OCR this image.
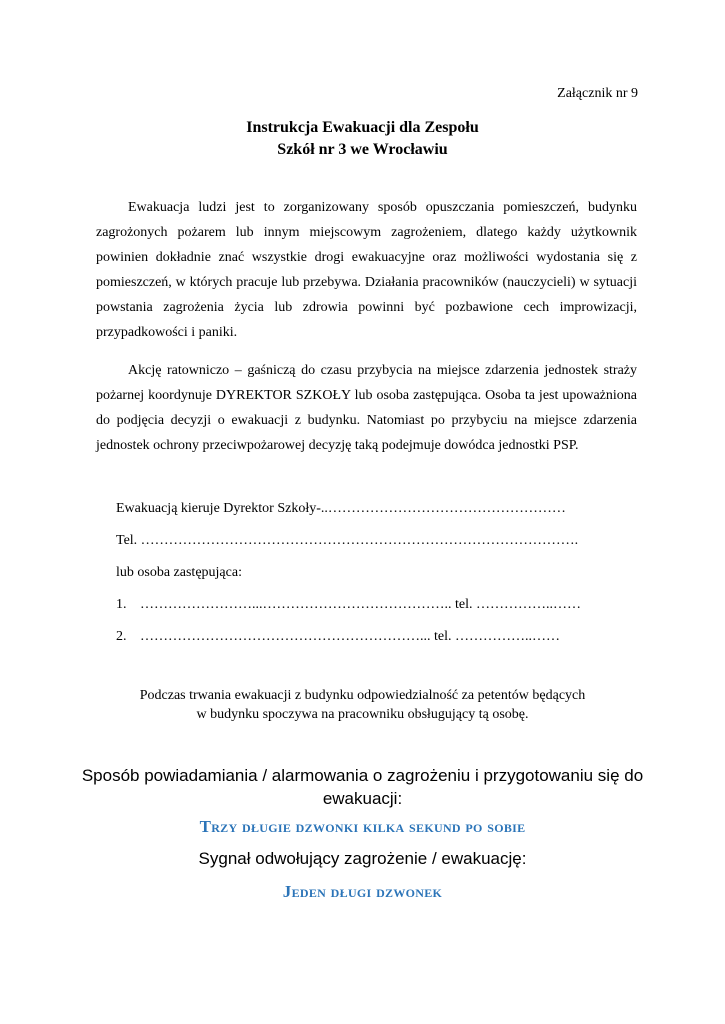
Załącznik nr 9
Instrukcja Ewakuacji dla Zespołu
Szkół nr 3 we Wrocławiu
Ewakuacja ludzi jest to zorganizowany sposób opuszczania pomieszczeń, budynku zagrożonych pożarem lub innym miejscowym zagrożeniem, dlatego każdy użytkownik powinien dokładnie znać wszystkie drogi ewakuacyjne oraz możliwości wydostania się z pomieszczeń, w których pracuje lub przebywa. Działania pracowników (nauczycieli) w sytuacji powstania zagrożenia życia lub zdrowia powinni być pozbawione cech improwizacji, przypadkowości i paniki.
Akcję ratowniczo – gaśniczą do czasu przybycia na miejsce zdarzenia jednostek straży pożarnej koordynuje DYREKTOR SZKOŁY lub osoba zastępująca. Osoba ta jest upoważniona do podjęcia decyzji o ewakuacji z budynku. Natomiast po przybyciu na miejsce zdarzenia jednostek ochrony przeciwpożarowej decyzję taką podejmuje dowódca jednostki PSP.
Ewakuacją kieruje Dyrektor Szkoły-..……………………………………………
Tel. ………………………………………………………………………………….
lub osoba zastępująca:
1. ……………………...………………………………….. tel. ……………..……
2. ……………………………………………………... tel. ……………..……
Podczas trwania ewakuacji z budynku odpowiedzialność za petentów będących
w budynku spoczywa na pracowniku obsługujący tą osobę.
Sposób powiadamiania / alarmowania o zagrożeniu i przygotowaniu się do
ewakuacji:
Trzy długie dzwonki kilka sekund po sobie
Sygnał odwołujący zagrożenie / ewakuację:
Jeden długi dzwonek
